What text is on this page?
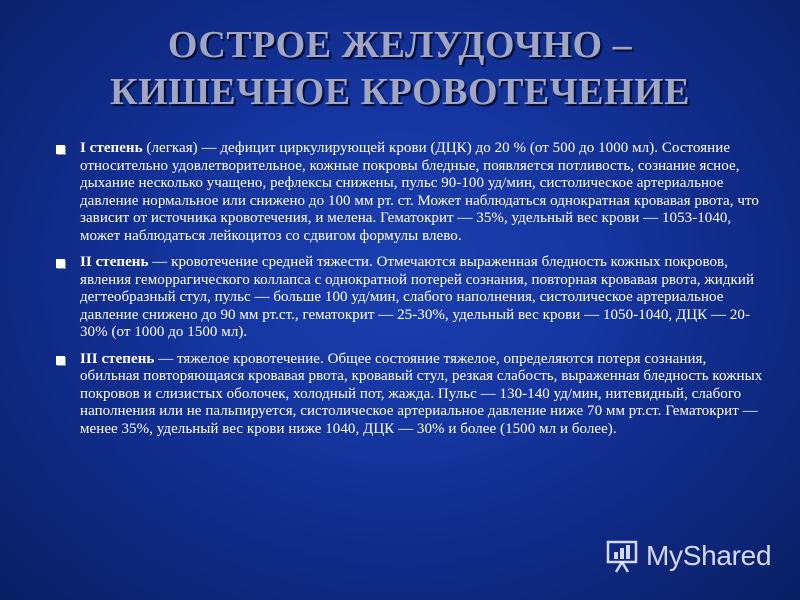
ОСТРОЕ ЖЕЛУДОЧНО –
КИШЕЧНОЕ КРОВОТЕЧЕНИЕ
I степень (легкая) — дефицит циркулирующей крови (ДЦК) до 20 % (от 500 до 1000 мл). Состояние относительно удовлетворительное, кожные покровы бледные, появляется потливость, сознание ясное, дыхание несколько учащено, рефлексы снижены, пульс 90-100 уд/мин, систолическое артериальное давление нормальное или снижено до 100 мм рт. ст. Может наблюдаться однократная кровавая рвота, что зависит от источника кровотечения, и мелена. Гематокрит — 35%, удельный вес крови — 1053-1040, может наблюдаться лейкоцитоз со сдвигом формулы влево.
II степень — кровотечение средней тяжести. Отмечаются выраженная бледность кожных покровов, явления геморрагического коллапса с однократной потерей сознания, повторная кровавая рвота, жидкий дегтеобразный стул, пульс — больше 100 уд/мин, слабого наполнения, систолическое артериальное давление снижено до 90 мм рт.ст., гематокрит — 25-30%, удельный вес крови — 1050-1040, ДЦК — 20-30% (от 1000 до 1500 мл).
III степень — тяжелое кровотечение. Общее состояние тяжелое, определяются потеря сознания, обильная повторяющаяся кровавая рвота, кровавый стул, резкая слабость, выраженная бледность кожных покровов и слизистых оболочек, холодный пот, жажда. Пульс — 130-140 уд/мин, нитевидный, слабого наполнения или не пальпируется, систолическое артериальное давление ниже 70 мм рт.ст. Гематокрит — менее 35%, удельный вес крови ниже 1040, ДЦК — 30% и более (1500 мл и более).
MyShared
